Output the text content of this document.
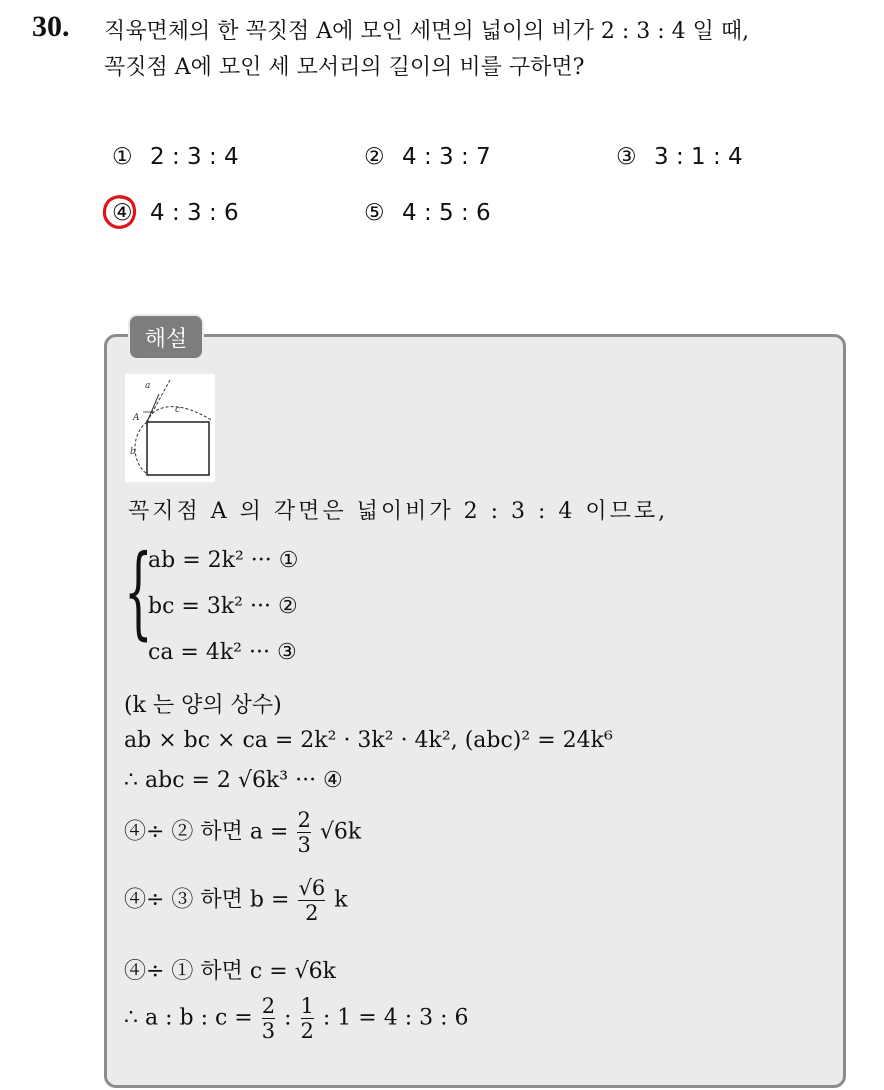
30. 직육면체의 한 꼭짓점 A에 모인 세면의 넓이의 비가 2 : 3 : 4 일 때,
꼭짓점 A에 모인 세 모서리의 길이의 비를 구하면?
① 2 : 3 : 4	② 4 : 3 : 7	③ 3 : 1 : 4
④ 4 : 3 : 6	⑤ 4 : 5 : 6
해설
a
c
A
b
꼭지점 A 의 각면은 넓이비가 2 : 3 : 4 이므로,
{
ab = 2k² ··· ①
bc = 3k² ··· ②
ca = 4k² ··· ③
(k 는 양의 상수)
ab × bc × ca = 2k² · 3k² · 4k², (abc)² = 24k⁶
∴ abc = 2 √6k³ ··· ④
④÷ ② 하면 $a = \frac{2}{3} √6k$
④÷ ③ 하면 $b = \frac{√6}{2}$ k
④÷ ① 하면 c = √6k
∴ a : b : $c = \frac{2}{3}$ : $\frac{1}{2}$ : 1 = 4 : 3 : 6
